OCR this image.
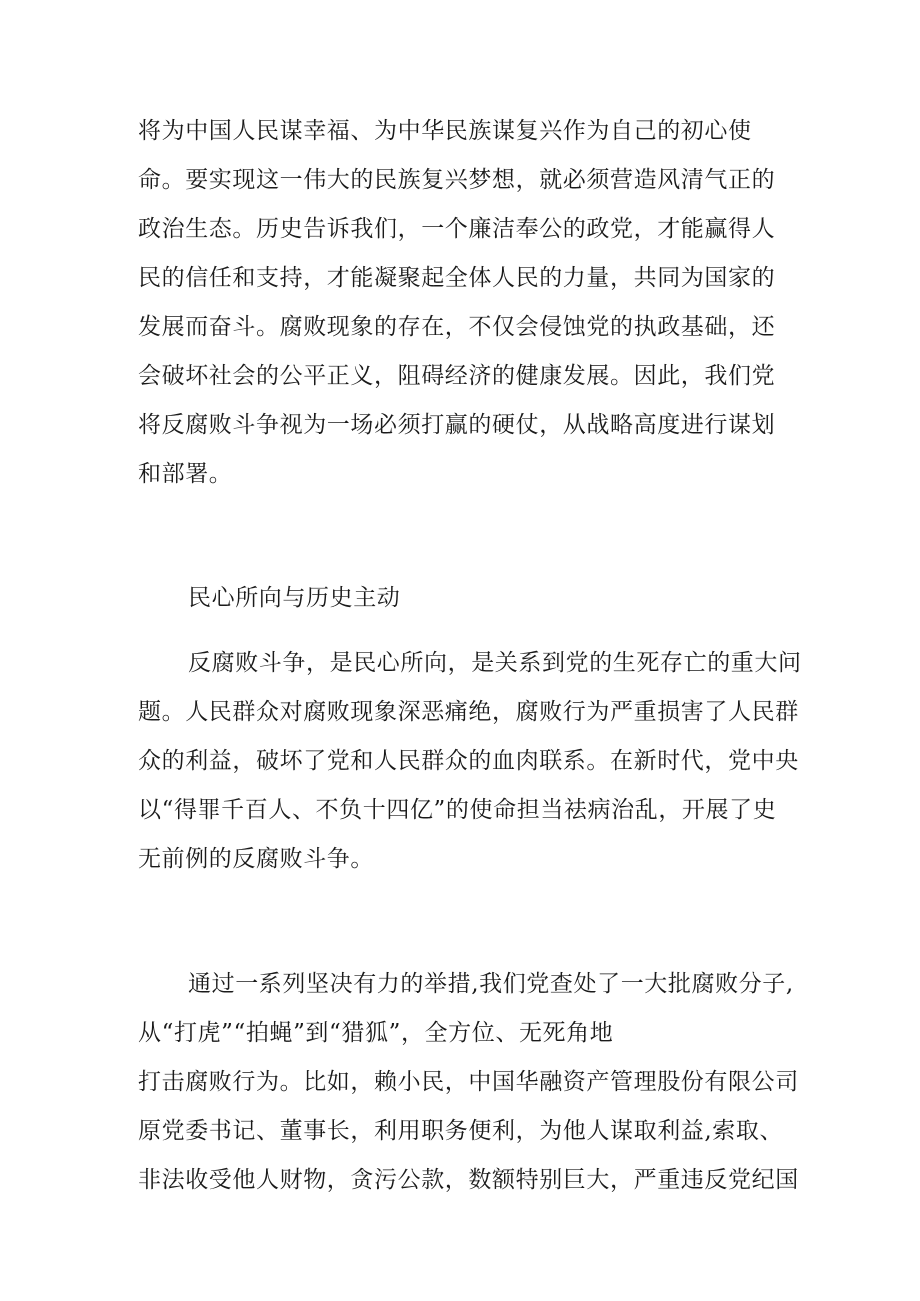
将为中国人民谋幸福、为中华民族谋复兴作为自己的初心使
命。要实现这一伟大的民族复兴梦想，就必须营造风清气正的
政治生态。历史告诉我们，一个廉洁奉公的政党，才能赢得人
民的信任和支持，才能凝聚起全体人民的力量，共同为国家的
发展而奋斗。腐败现象的存在，不仅会侵蚀党的执政基础，还
会破坏社会的公平正义，阻碍经济的健康发展。因此，我们党
将反腐败斗争视为一场必须打赢的硬仗，从战略高度进行谋划
和部署。
民心所向与历史主动
反腐败斗争，是民心所向，是关系到党的生死存亡的重大问
题。人民群众对腐败现象深恶痛绝，腐败行为严重损害了人民群
众的利益，破坏了党和人民群众的血肉联系。在新时代，党中央
以“得罪千百人、不负十四亿”的使命担当祛病治乱，开展了史
无前例的反腐败斗争。
通过一系列坚决有力的举措,我们党查处了一大批腐败分子,
从“打虎”“拍蝇”到“猎狐”，全方位、无死角地
打击腐败行为。比如，赖小民，中国华融资产管理股份有限公司
原党委书记、董事长，利用职务便利，为他人谋取利益,索取、
非法收受他人财物，贪污公款，数额特别巨大，严重违反党纪国
